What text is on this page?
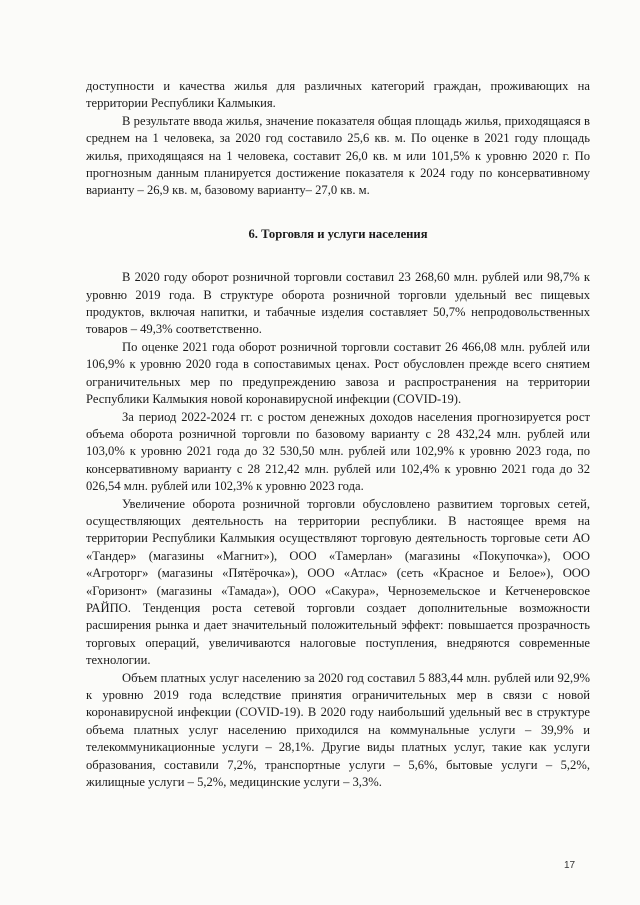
доступности и качества жилья для различных категорий граждан, проживающих на территории Республики Калмыкия.

В результате ввода жилья, значение показателя общая площадь жилья, приходящаяся в среднем на 1 человека, за 2020 год составило 25,6 кв. м. По оценке в 2021 году площадь жилья, приходящаяся на 1 человека, составит 26,0 кв. м или 101,5% к уровню 2020 г. По прогнозным данным планируется достижение показателя к 2024 году по консервативному варианту – 26,9 кв. м, базовому варианту– 27,0 кв. м.

6. Торговля и услуги населения

В 2020 году оборот розничной торговли составил 23 268,60 млн. рублей или 98,7% к уровню 2019 года. В структуре оборота розничной торговли удельный вес пищевых продуктов, включая напитки, и табачные изделия составляет 50,7% непродовольственных товаров – 49,3% соответственно.

По оценке 2021 года оборот розничной торговли составит 26 466,08 млн. рублей или 106,9% к уровню 2020 года в сопоставимых ценах. Рост обусловлен прежде всего снятием ограничительных мер по предупреждению завоза и распространения на территории Республики Калмыкия новой коронавирусной инфекции (COVID-19).

За период 2022-2024 гг. с ростом денежных доходов населения прогнозируется рост объема оборота розничной торговли по базовому варианту с 28 432,24 млн. рублей или 103,0% к уровню 2021 года до 32 530,50 млн. рублей или 102,9% к уровню 2023 года, по консервативному варианту с 28 212,42 млн. рублей или 102,4% к уровню 2021 года до 32 026,54 млн. рублей или 102,3% к уровню 2023 года.

Увеличение оборота розничной торговли обусловлено развитием торговых сетей, осуществляющих деятельность на территории республики. В настоящее время на территории Республики Калмыкия осуществляют торговую деятельность торговые сети АО «Тандер» (магазины «Магнит»), ООО «Тамерлан» (магазины «Покупочка»), ООО «Агроторг» (магазины «Пятёрочка»), ООО «Атлас» (сеть «Красное и Белое»), ООО «Горизонт» (магазины «Тамада»), ООО «Сакура», Черноземельское и Кетченеровское РАЙПО. Тенденция роста сетевой торговли создает дополнительные возможности расширения рынка и дает значительный положительный эффект: повышается прозрачность торговых операций, увеличиваются налоговые поступления, внедряются современные технологии.

Объем платных услуг населению за 2020 год составил 5 883,44 млн. рублей или 92,9% к уровню 2019 года вследствие принятия ограничительных мер в связи с новой коронавирусной инфекции (COVID-19). В 2020 году наибольший удельный вес в структуре объема платных услуг населению приходился на коммунальные услуги – 39,9% и телекоммуникационные услуги – 28,1%. Другие виды платных услуг, такие как услуги образования, составили 7,2%, транспортные услуги – 5,6%, бытовые услуги – 5,2%, жилищные услуги – 5,2%, медицинские услуги – 3,3%.

17
